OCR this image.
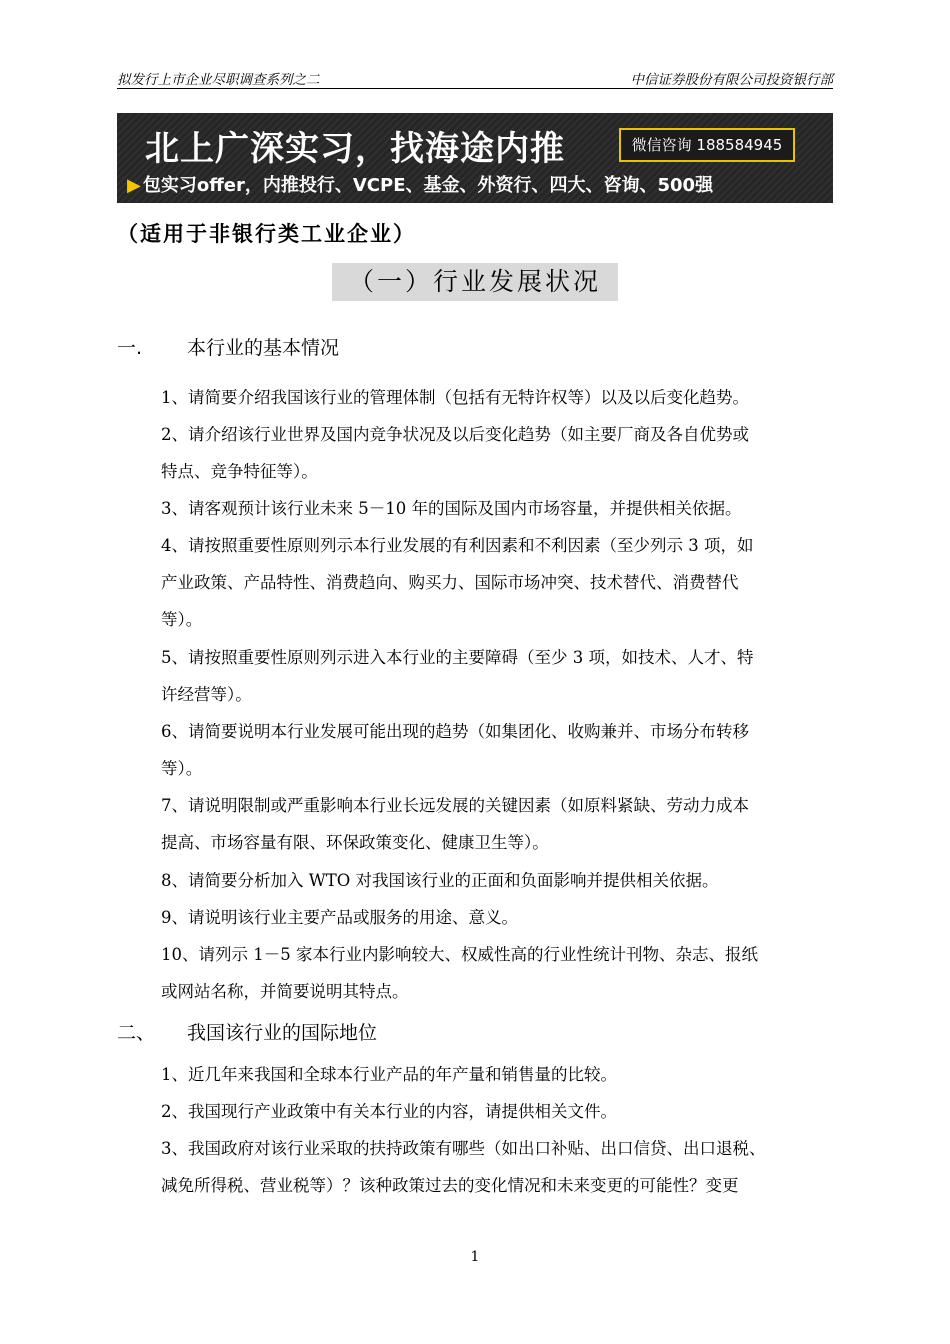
拟发行上市企业尽职调查系列之二	中信证券股份有限公司投资银行部
北上广深实习，找海途内推	微信咨询 188584945
▶ 包实习offer，内推投行、VCPE、基金、外资行、四大、咨询、500强
（适用于非银行类工业企业）
（一）行业发展状况
一. 本行业的基本情况
1、请简要介绍我国该行业的管理体制（包括有无特许权等）以及以后变化趋势。
2、请介绍该行业世界及国内竞争状况及以后变化趋势（如主要厂商及各自优势或
特点、竞争特征等）。
3、请客观预计该行业未来 5－10 年的国际及国内市场容量，并提供相关依据。
4、请按照重要性原则列示本行业发展的有利因素和不利因素（至少列示 3 项，如
产业政策、产品特性、消费趋向、购买力、国际市场冲突、技术替代、消费替代
等）。
5、请按照重要性原则列示进入本行业的主要障碍（至少 3 项，如技术、人才、特
许经营等）。
6、请简要说明本行业发展可能出现的趋势（如集团化、收购兼并、市场分布转移
等）。
7、请说明限制或严重影响本行业长远发展的关键因素（如原料紧缺、劳动力成本
提高、市场容量有限、环保政策变化、健康卫生等）。
8、请简要分析加入 WTO 对我国该行业的正面和负面影响并提供相关依据。
9、请说明该行业主要产品或服务的用途、意义。
10、请列示 1－5 家本行业内影响较大、权威性高的行业性统计刊物、杂志、报纸
或网站名称，并简要说明其特点。
二、 我国该行业的国际地位
1、近几年来我国和全球本行业产品的年产量和销售量的比较。
2、我国现行产业政策中有关本行业的内容，请提供相关文件。
3、我国政府对该行业采取的扶持政策有哪些（如出口补贴、出口信贷、出口退税、
减免所得税、营业税等）？该种政策过去的变化情况和未来变更的可能性？变更
1
